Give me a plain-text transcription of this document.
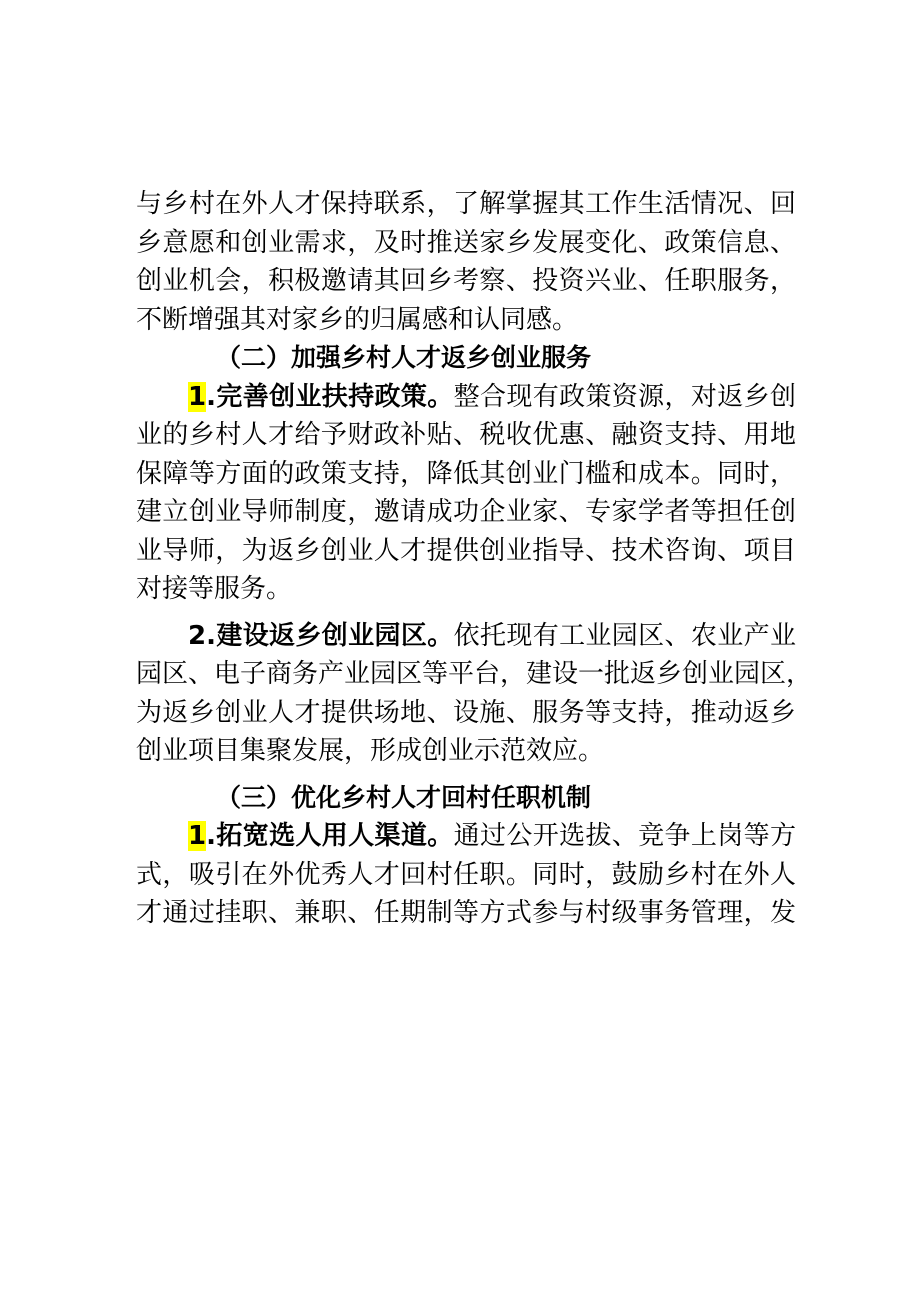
与乡村在外人才保持联系，了解掌握其工作生活情况、回
乡意愿和创业需求，及时推送家乡发展变化、政策信息、
创业机会，积极邀请其回乡考察、投资兴业、任职服务，
不断增强其对家乡的归属感和认同感。
（二）加强乡村人才返乡创业服务
1.完善创业扶持政策。整合现有政策资源，对返乡创
业的乡村人才给予财政补贴、税收优惠、融资支持、用地
保障等方面的政策支持，降低其创业门槛和成本。同时，
建立创业导师制度，邀请成功企业家、专家学者等担任创
业导师，为返乡创业人才提供创业指导、技术咨询、项目
对接等服务。
2.建设返乡创业园区。依托现有工业园区、农业产业
园区、电子商务产业园区等平台，建设一批返乡创业园区，
为返乡创业人才提供场地、设施、服务等支持，推动返乡
创业项目集聚发展，形成创业示范效应。
（三）优化乡村人才回村任职机制
1.拓宽选人用人渠道。通过公开选拔、竞争上岗等方
式，吸引在外优秀人才回村任职。同时，鼓励乡村在外人
才通过挂职、兼职、任期制等方式参与村级事务管理，发
